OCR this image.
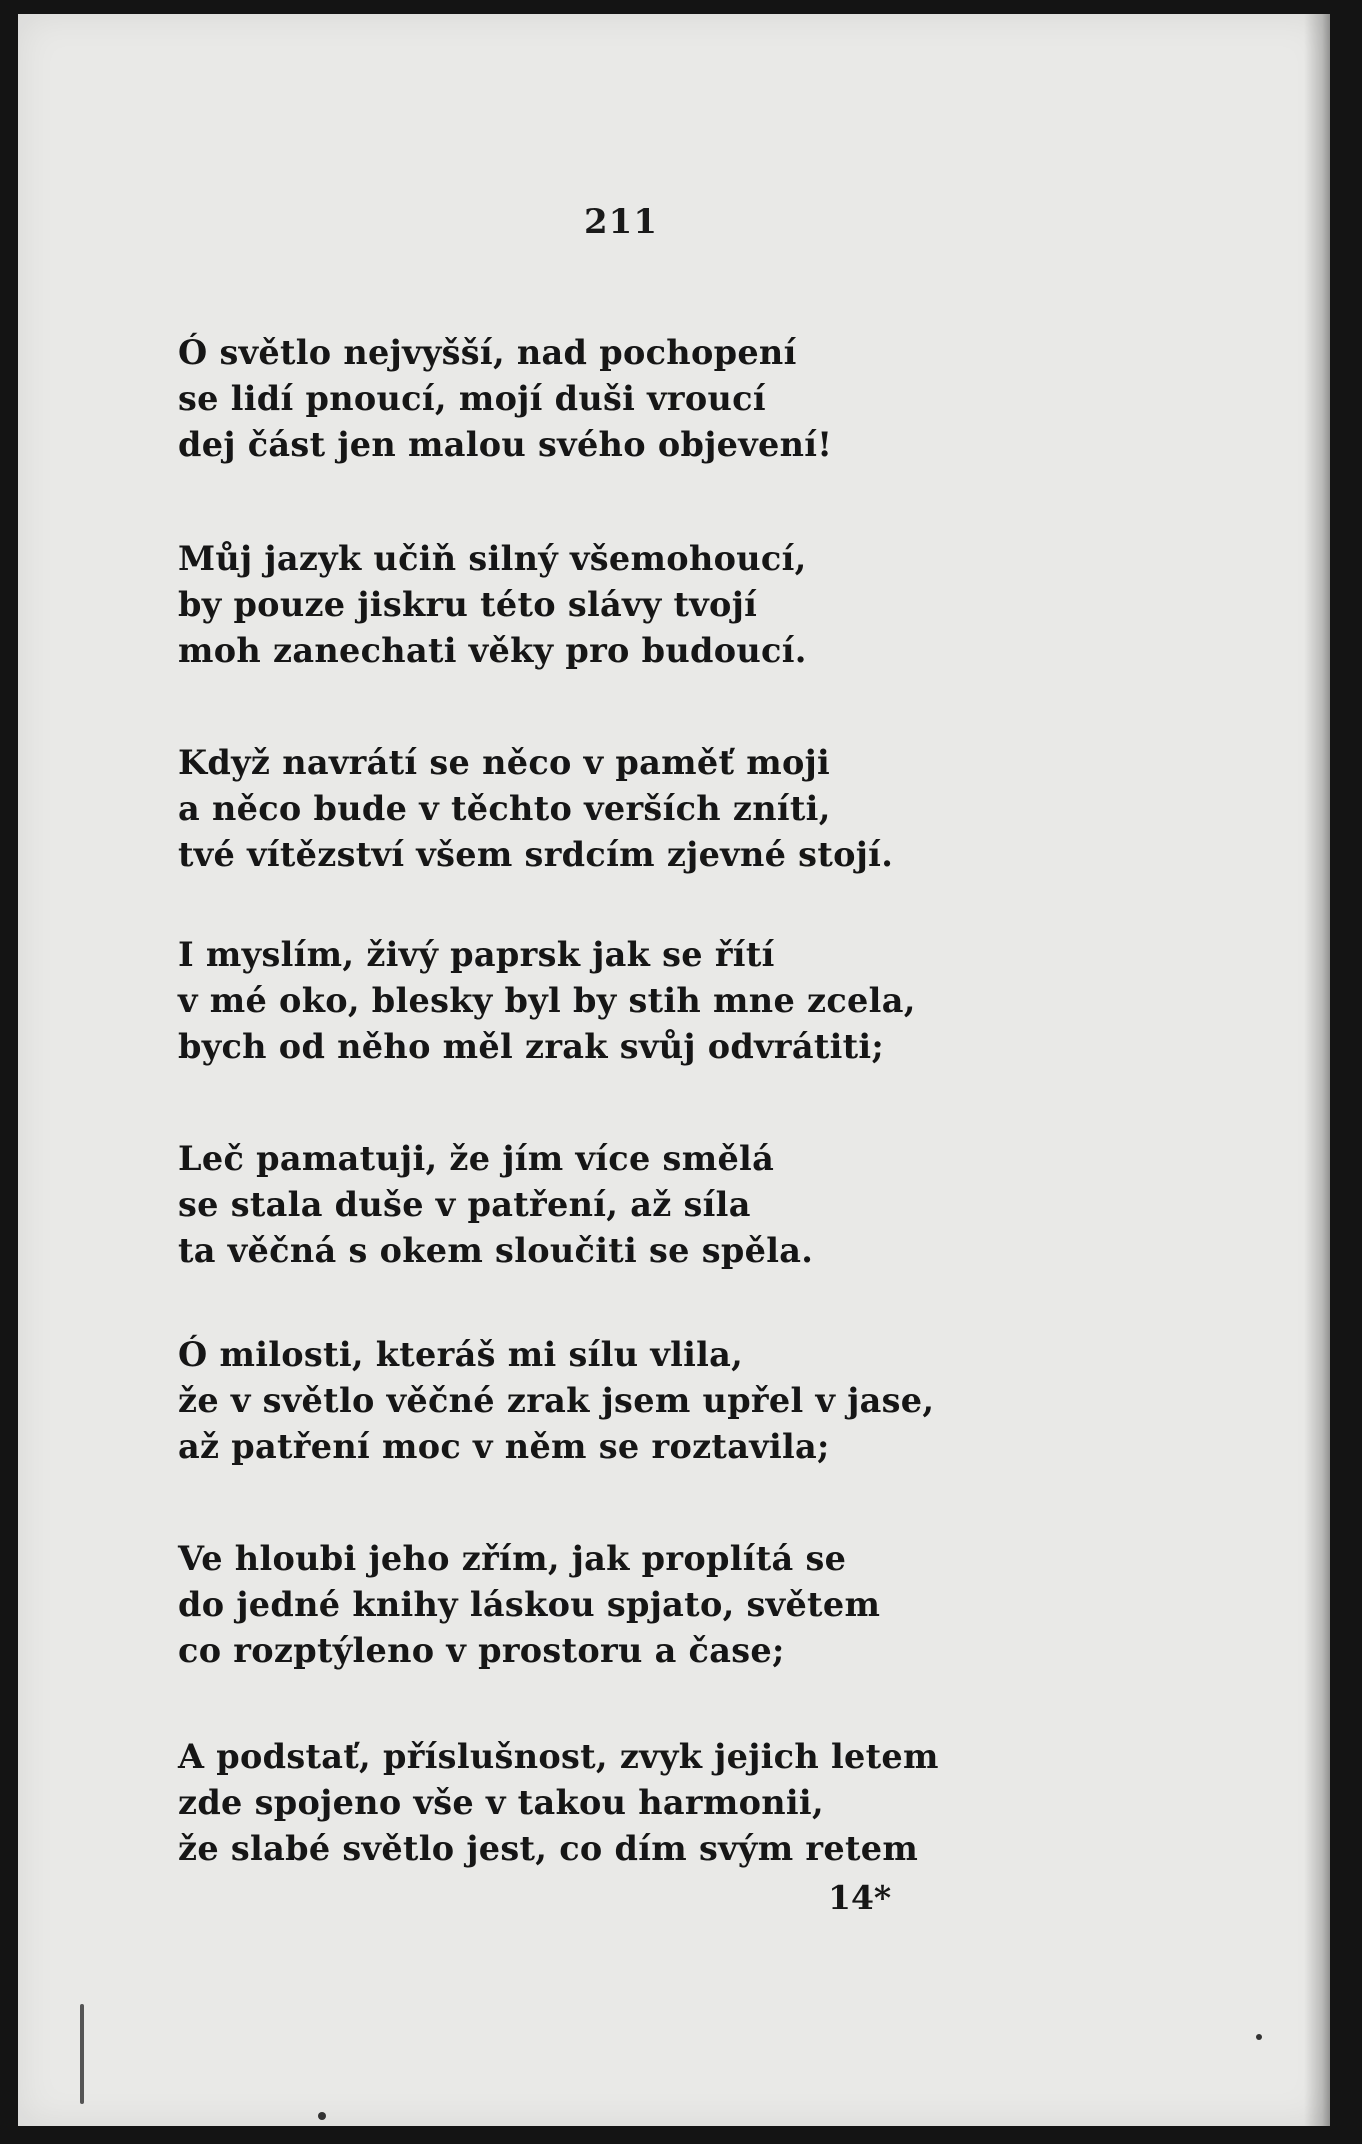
211
Ó světlo nejvyšší, nad pochopení
se lidí pnoucí, mojí duši vroucí
dej část jen malou svého objevení!
Můj jazyk učiň silný všemohoucí,
by pouze jiskru této slávy tvojí
moh zanechati věky pro budoucí.
Když navrátí se něco v paměť moji
a něco bude v těchto verších zníti,
tvé vítězství všem srdcím zjevné stojí.
I myslím, živý paprsk jak se řítí
v mé oko, blesky byl by stih mne zcela,
bych od něho měl zrak svůj odvrátiti;
Leč pamatuji, že jím více smělá
se stala duše v patření, až síla
ta věčná s okem sloučiti se spěla.
Ó milosti, kteráš mi sílu vlila,
že v světlo věčné zrak jsem upřel v jase,
až patření moc v něm se roztavila;
Ve hloubi jeho zřím, jak proplítá se
do jedné knihy láskou spjato, světem
co rozptýleno v prostoru a čase;
A podstať, příslušnost, zvyk jejich letem
zde spojeno vše v takou harmonii,
že slabé světlo jest, co dím svým retem
14*
